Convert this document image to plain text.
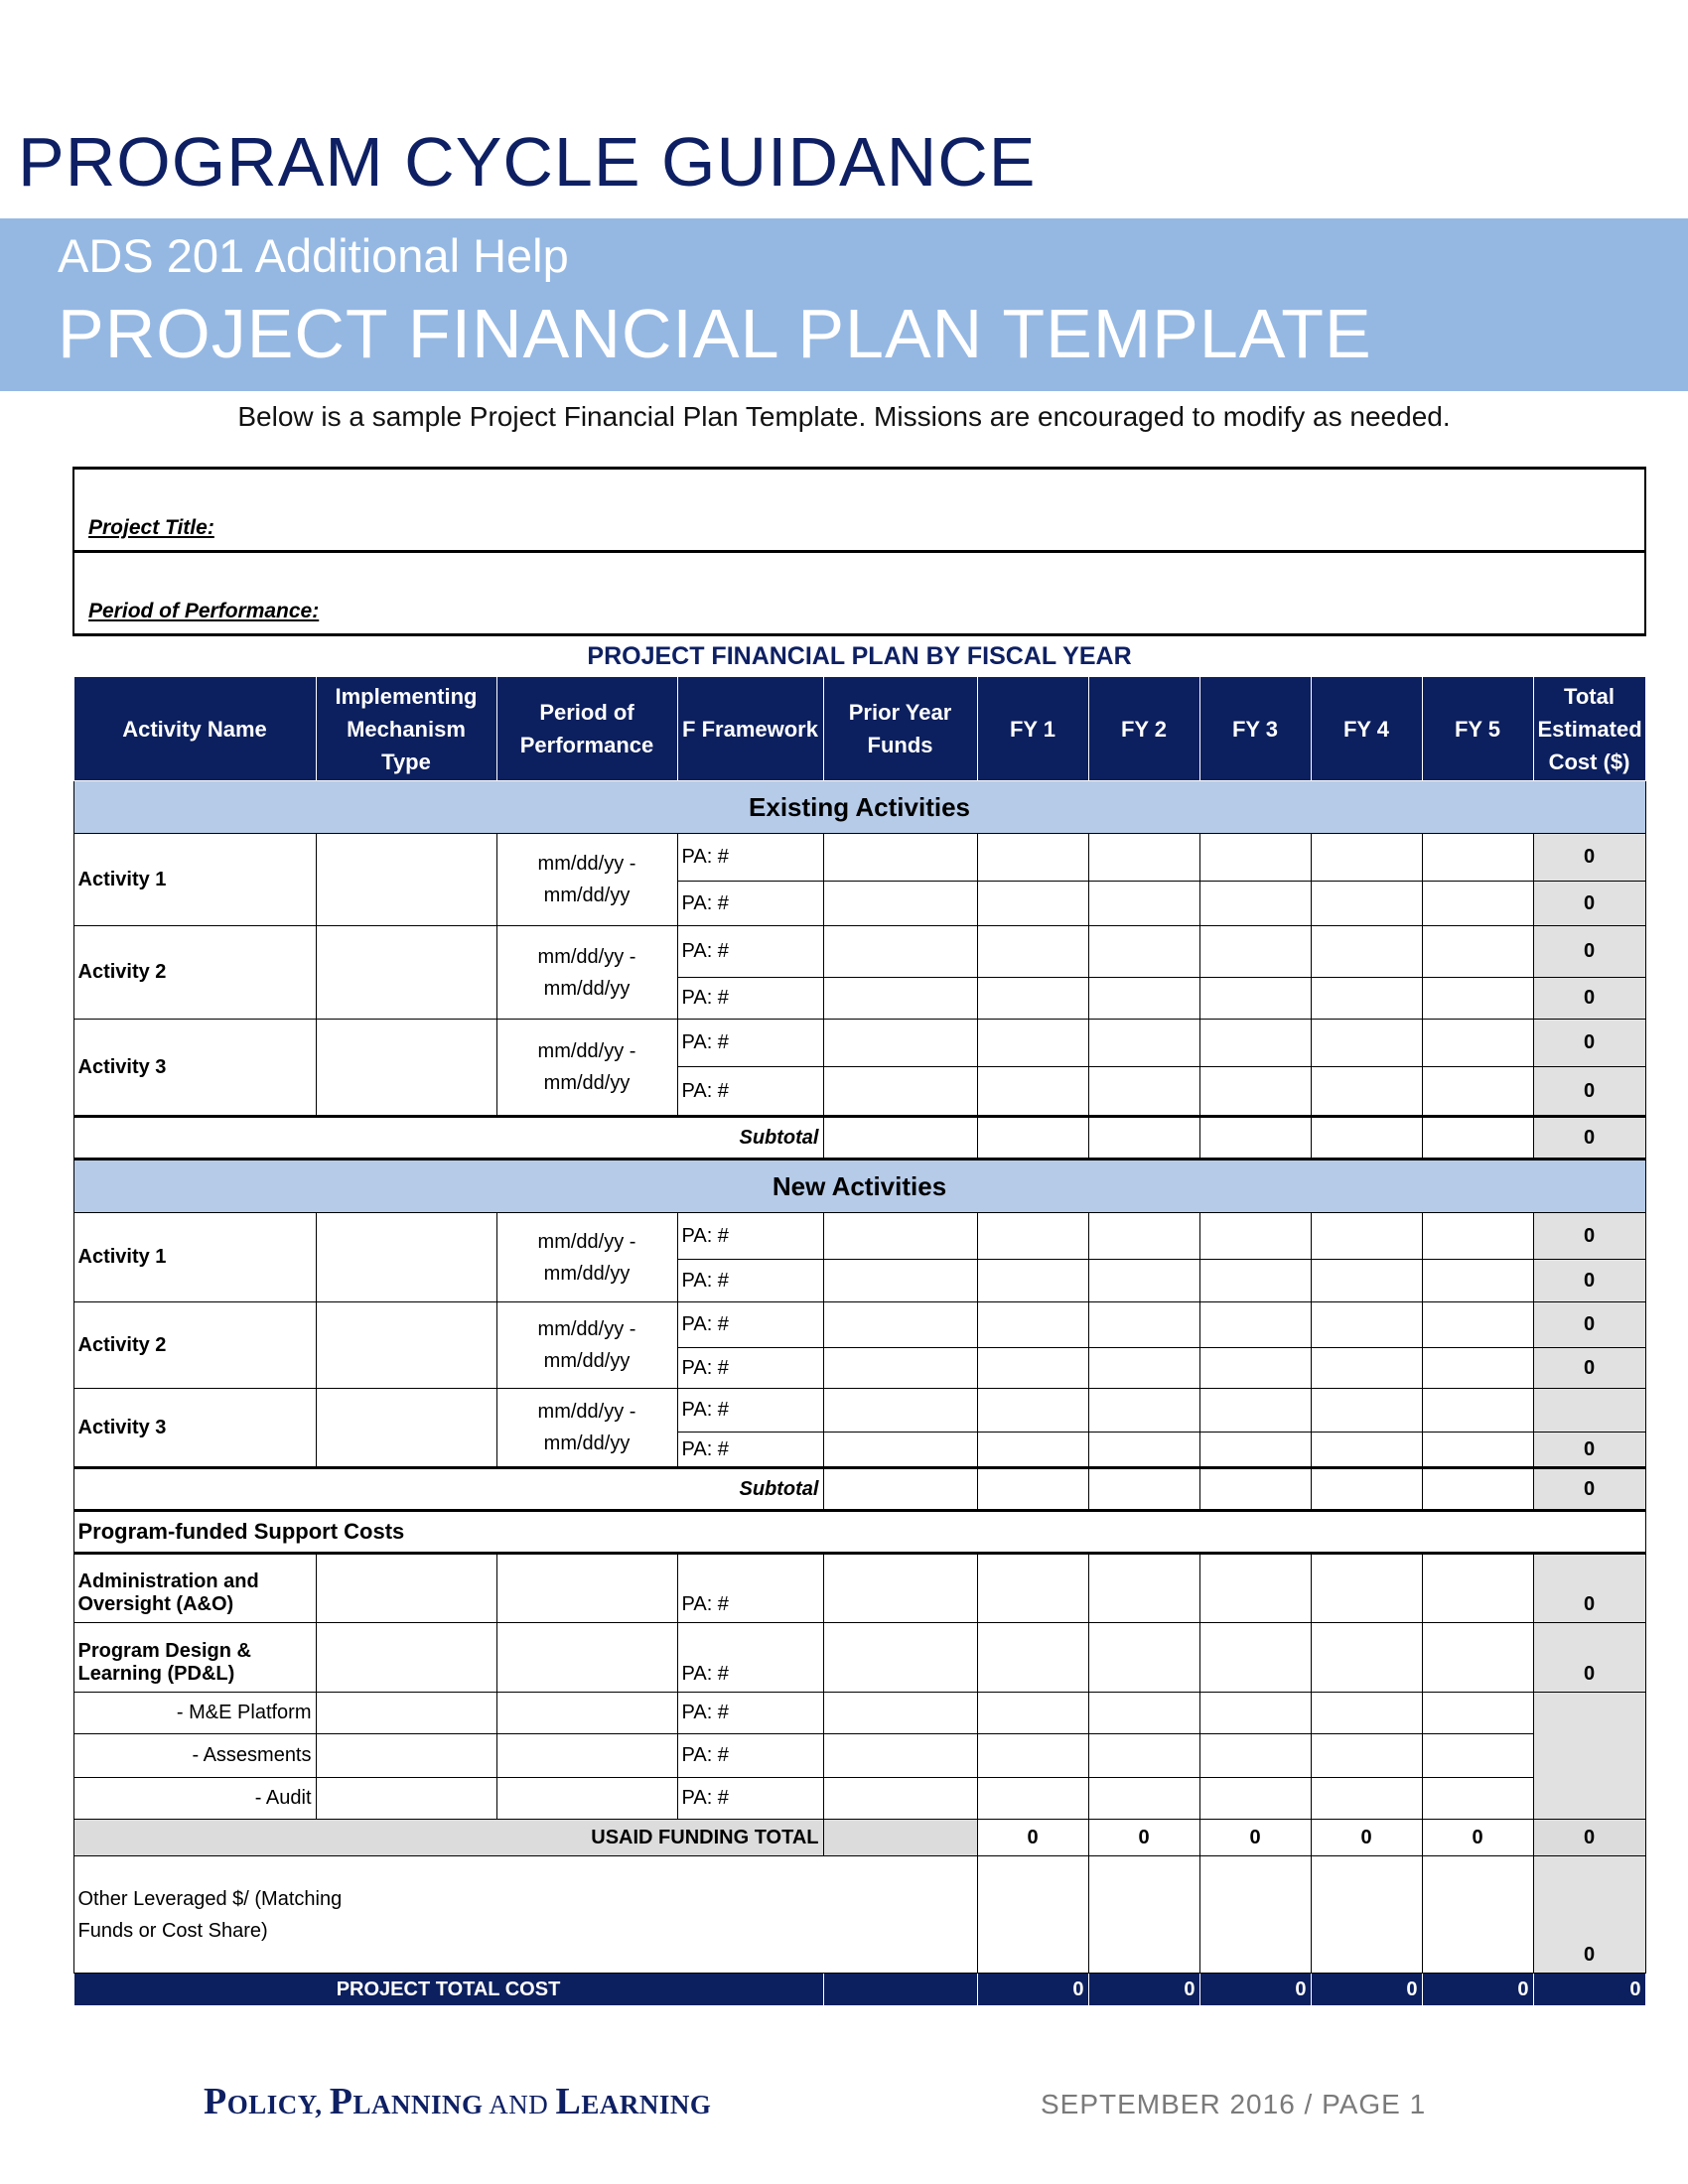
PROGRAM CYCLE GUIDANCE
ADS 201 Additional Help
PROJECT FINANCIAL PLAN TEMPLATE
Below is a sample Project Financial Plan Template. Missions are encouraged to modify as needed.
Project Title:										
Period of Performance:										
PROJECT FINANCIAL PLAN BY FISCAL YEAR										
Activity Name	Implementing Mechanism Type	Period of Performance	F Framework	Prior Year Funds	FY 1	FY 2	FY 3	FY 4	FY 5	Total Estimated Cost ($)
Existing Activities										
Activity 1		mm/dd/yy -
mm/dd/yy	PA: #							0
			PA: #							0
Activity 2		mm/dd/yy -
mm/dd/yy	PA: #							0
			PA: #							0
Activity 3		mm/dd/yy -
mm/dd/yy	PA: #							0
			PA: #							0
Subtotal										0
New Activities										
Activity 1		mm/dd/yy -
mm/dd/yy	PA: #							0
			PA: #							0
Activity 2		mm/dd/yy -
mm/dd/yy	PA: #							0
			PA: #							0
Activity 3		mm/dd/yy -
mm/dd/yy	PA: #							
			PA: #							0
Subtotal										0
Program-funded Support Costs										
Administration and Oversight (A&O)			PA: #							0
Program Design & Learning (PD&L)			PA: #							0
- M&E Platform			PA: #							
- Assesments			PA: #							
- Audit			PA: #							
USAID FUNDING TOTAL					0	0	0	0	0	0
Other Leveraged $/ (Matching Funds or Cost Share)										0
PROJECT TOTAL COST					0	0	0	0	0	0
POLICY, PLANNING AND LEARNING	SEPTEMBER 2016 / PAGE 1
